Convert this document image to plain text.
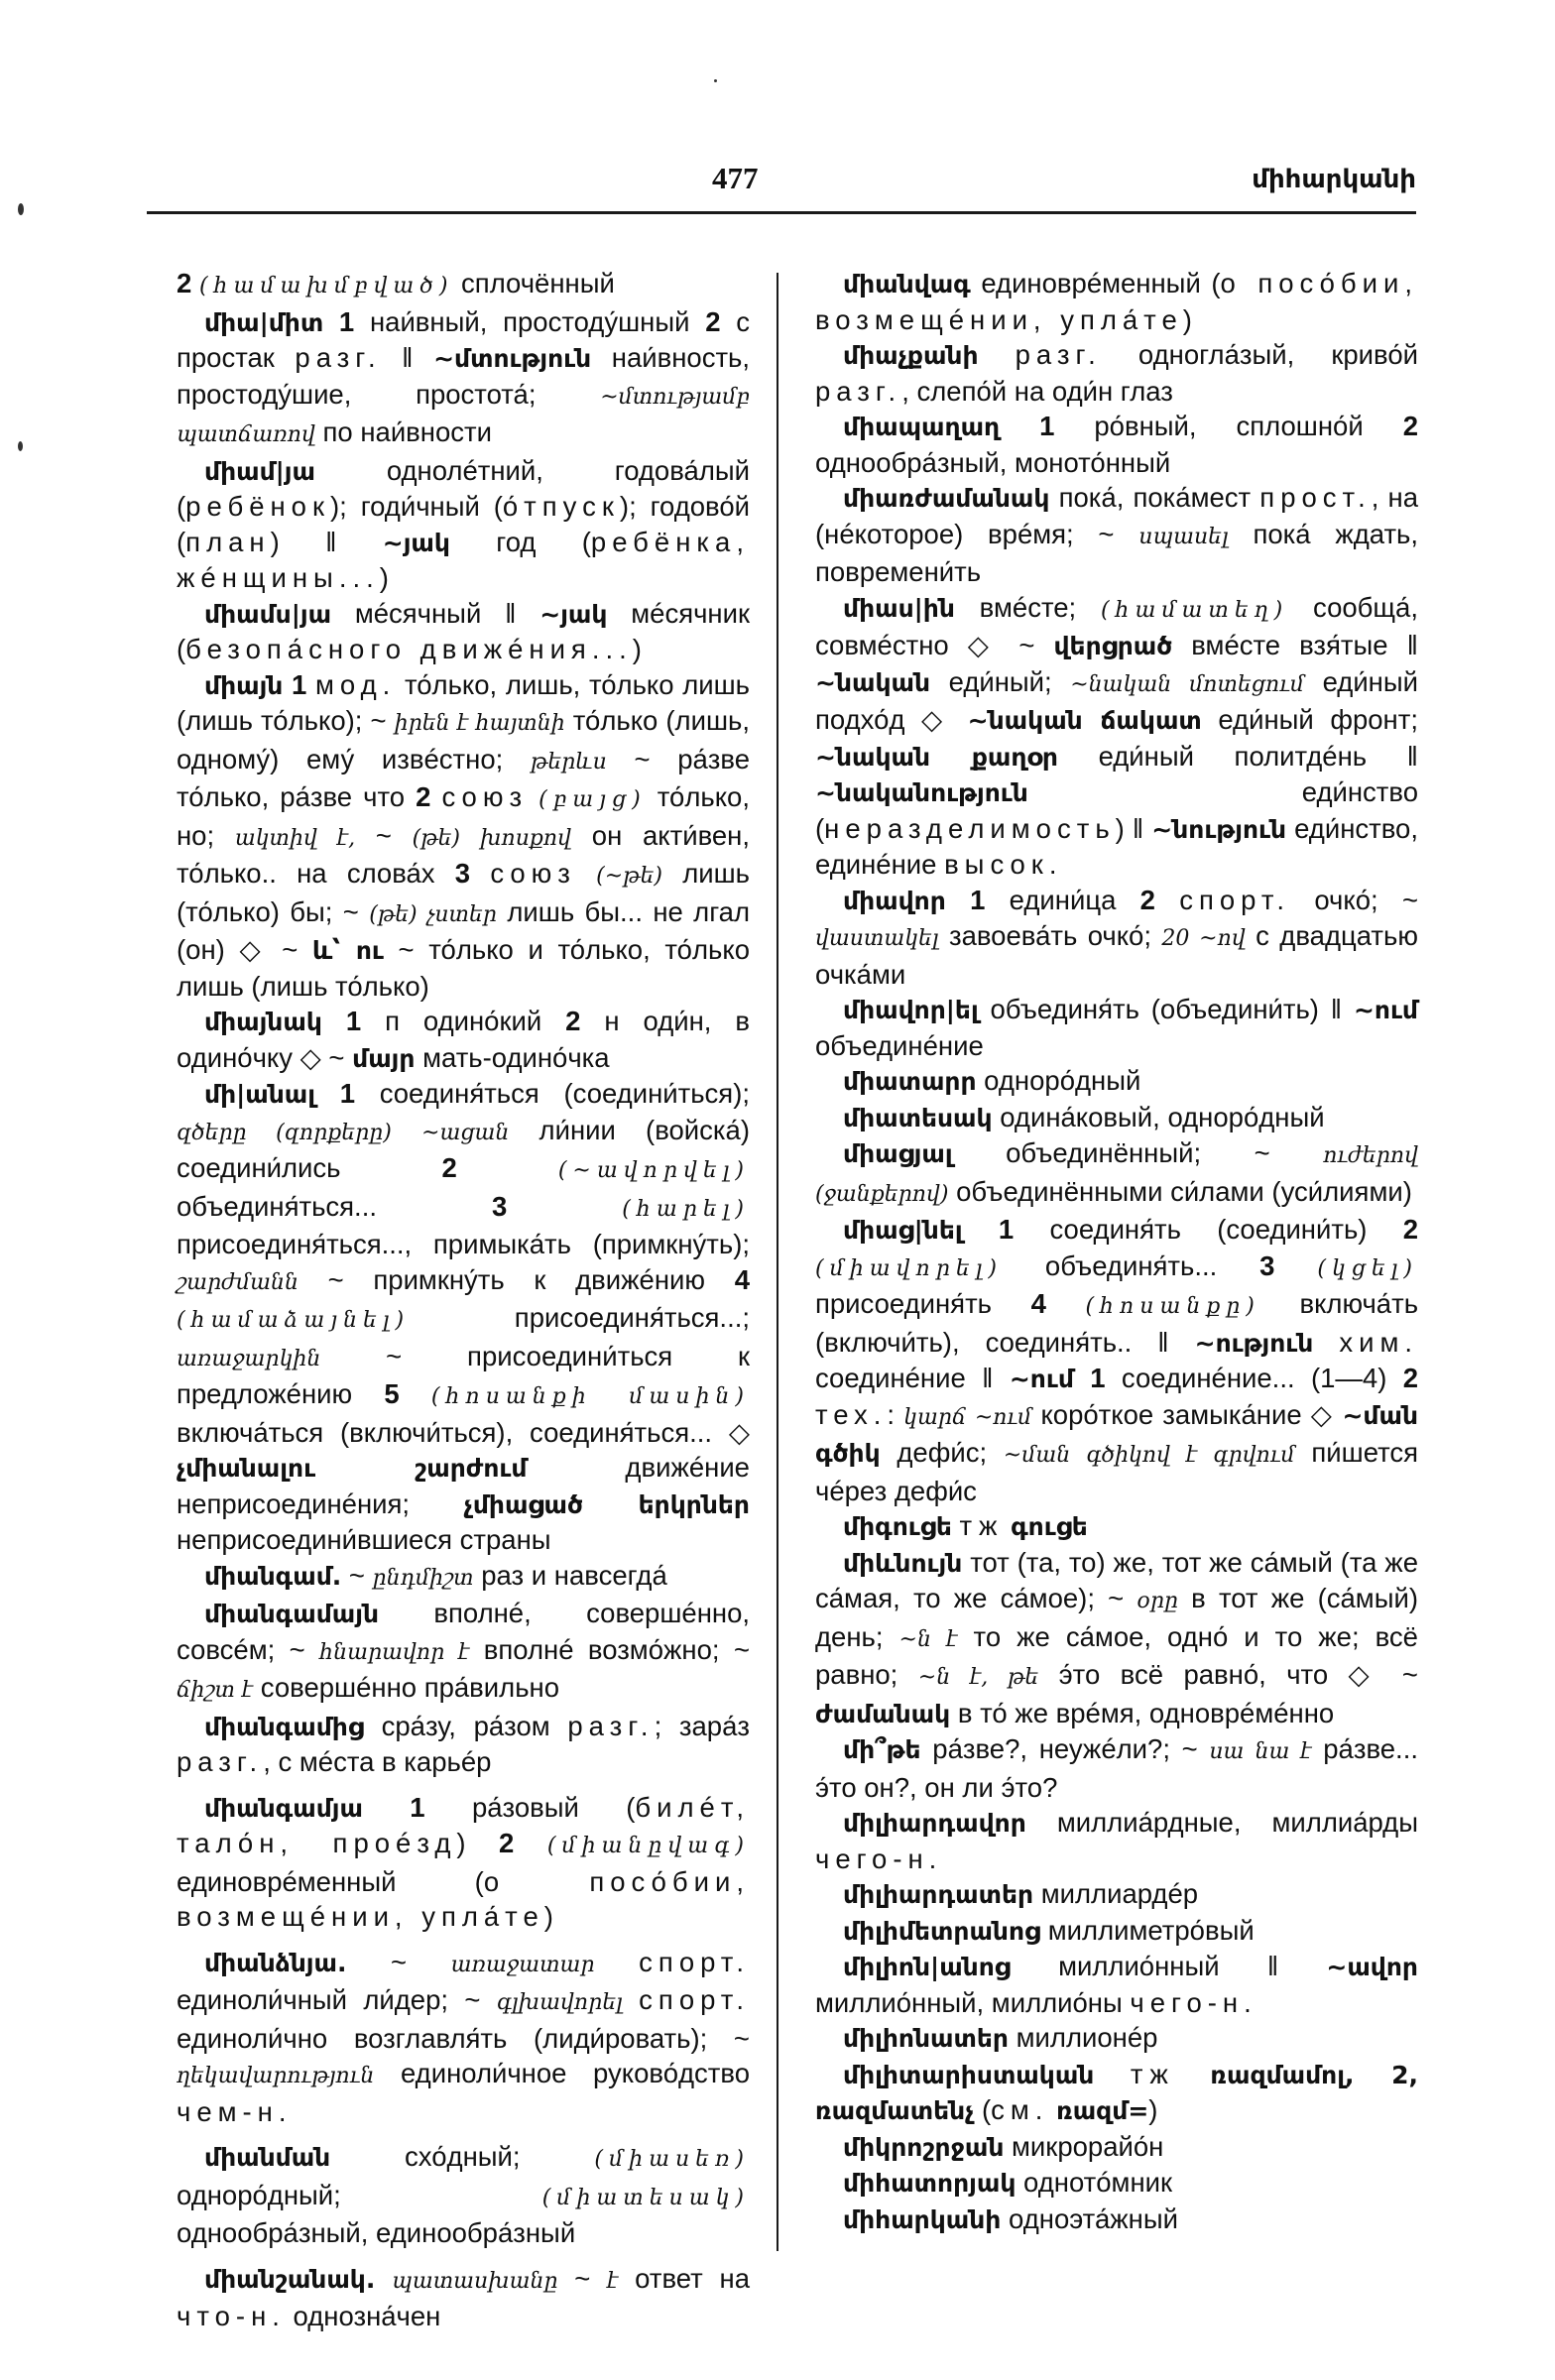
477	միհարկանի

2 (համախմբված) сплочённый

միա|միտ 1 наи́вный, простоду́шный 2 с простак разг. ‖ ~մտություն наи́вность, простоду́шие, простота́; ~մտությամբ պատճառով по наи́вности

միամ|յա однолéтний, годова́лый (ребёнок); годи́чный (о́тпуск); годово́й (план) ‖ ~յակ год (ребёнка, жéнщины...)

միամս|յա мéсячный ‖ ~յակ мéсячник (безопа́сного движéния...)

միայն 1 мод. то́лько, лишь, то́лько лишь (лишь то́лько); ~ իրեն է հայտնի то́лько (лишь, одному́) ему́ извéстно; թերևս ~ ра́зве то́лько, ра́зве что 2 союз (բայց) то́лько, но; ակտիվ է, ~ (թե) խոսքով он акти́вен, то́лько.. на слова́х 3 союз (~թե) лишь (то́лько) бы; ~ (թե) չստեր лишь бы... не лгал (он) ◇ ~ և՝ ու ~ то́лько и то́лько, то́лько лишь (лишь то́лько)

միայնակ 1 п одино́кий 2 н оди́н, в одино́чку ◇ ~ մայր мать-одино́чка

մի|անալ 1 соединя́ться (соедини́ться); զծերը (զորքերը) ~ացան ли́нии (войска́) соедини́лись 2 (~ավորվել) объединя́ться... 3 (հարել) присоединя́ться..., примыка́ть (примкну́ть); շարժմանն ~ примкну́ть к движéнию 4 (համաձայնել) присоединя́ться...; առաջարկին ~ присоедини́ться к предложéнию 5 (հոսանքի մասին) включа́ться (включи́ться), соединя́ться... ◇ չմիանալու շարժում движéние неприсоединéния; չմիացած երկրներ неприсоедини́вшиеся страны

միանգամ. ~ ընդմիշտ раз и навсегда́

միանգամայն вполнé, совершéнно, совсéм; ~ հնարավոր է вполнé возмо́жно; ~ ճիշտ է совершéнно пра́вильно

միանգամից сра́зу, ра́зом разг.; зара́з разг., с мéста в карьéр

միանգամյա 1 ра́зовый (билéт, тало́н, проéзд) 2 (միանըվագ) единоврéменный (о посо́бии, возмещéнии, упла́те)

միանձնյա. ~ առաջատար спорт. единоли́чный ли́дер; ~ գլխավորել спорт. единоли́чно возглавля́ть (лиди́ровать); ~ ղեկավարություն единоли́чное руково́дство чем-н.

միանման схо́дный; (միասեռ) одноро́дный; (միատեսակ) однообра́зный, единообра́зный

միանշանակ. պատասխանը ~ է ответ на что-н. однозна́чен

միանվագ единоврéменный (о посо́бии, возмещéнии, упла́те)

միաչքանի разг. одногла́зый, криво́й разг., слепо́й на оди́н глаз

միապաղաղ 1 ро́вный, сплошно́й 2 однообра́зный, моното́нный

միառժամանակ пока́, пока́мест прост., на (нéкоторое) врéмя; ~ սպասել пока́ ждать, повремени́ть

միաս|ին вмéсте; (համատեղ) сообща́, совмéстно ◇ ~ վերցրած вмéсте взя́тые ‖ ~նական еди́ный; ~նական մոտեցում еди́ный подхо́д ◇ ~նական ճակատ еди́ный фронт; ~նական քաղօր еди́ный политдéнь ‖ ~նականություն еди́нство (неразделимость) ‖ ~նություն еди́нство, единéние высок.

միավոր 1 едини́ца 2 спорт. очко́; ~ վաստակել завоева́ть очко́; 20 ~ով с двадцатью очка́ми

միավոր|ել объединя́ть (объедини́ть) ‖ ~ում объединéние

միատարր одноро́дный

միատեսակ одина́ковый, одноро́дный

միացյալ объединённый; ~ ուժերով (ջանքերով) объединёнными си́лами (уси́лиями)

միաց|նել 1 соединя́ть (соедини́ть) 2 (միավորել) объединя́ть... 3 (կցել) присоединя́ть 4 (հոսանքը) включа́ть (включи́ть), соединя́ть.. ‖ ~ություն хим. соединéние ‖ ~ում 1 соединéние... (1—4) 2 тех.: կարճ ~ում коро́ткое замыка́ние ◇ ~ման գծիկ дефи́с; ~ման գծիկով է գրվում пи́шется чéрез дефи́с

միգուցե тж գուցե

միևնույն тот (та, то) же, тот же са́мый (та же са́мая, то же са́мое); ~ օրը в тот же (са́мый) день; ~ն է то же са́мое, одно́ и то же; всё равно; ~ն է, թե э́то всё равно́, что ◇ ~ ժամանակ в то́ же врéмя, одноврéмéнно

մի՞թե ра́зве?, неужéли?; ~ սա նա է ра́зве... э́то он?, он ли э́то?

միլիարդավոր миллиа́рдные, миллиа́рды чего-н.

միլիարդատեր миллиардéр

միլիմետրանոց миллиметро́вый

միլիոն|անոց миллио́нный ‖ ~ավոր миллио́нный, миллио́ны чего-н.

միլիոնատեր миллионéр

միլիտարիստական тж ռազմամոլ, 2, ռազմատենչ (см. ռազմ=)

միկրոշրջան микрорайо́н

միհատորյակ однотóмник

միհարկանի одноэта́жный
